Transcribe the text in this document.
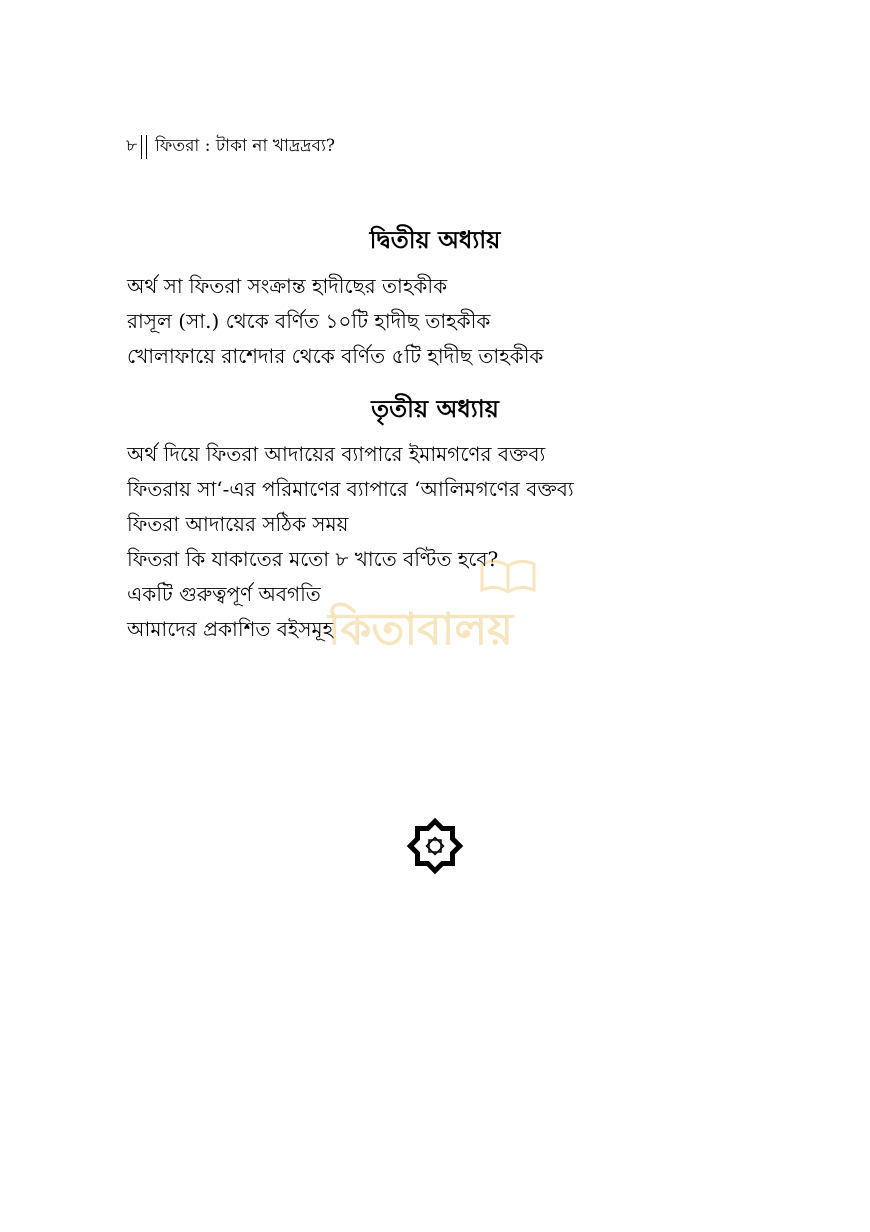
৮ ফিতরা : টাকা না খাদ্রদ্রব্য?
দ্বিতীয় অধ্যায়
অর্থ সা ফিতরা সংক্রান্ত হাদীছের তাহকীক
রাসূল (সা.) থেকে বর্ণিত ১০টি হাদীছ তাহকীক
খোলাফায়ে রাশেদার থেকে বর্ণিত ৫টি হাদীছ তাহকীক
তৃতীয় অধ্যায়
অর্থ দিয়ে ফিতরা আদায়ের ব্যাপারে ইমামগণের বক্তব্য
ফিতরায় সা‘-এর পরিমাণের ব্যাপারে ‘আলিমগণের বক্তব্য
ফিতরা আদায়ের সঠিক সময়
ফিতরা কি যাকাতের মতো ৮ খাতে বণ্টিত হবে?
একটি গুরুত্বপূর্ণ অবগতি
আমাদের প্রকাশিত বইসমূহ
কিতাবালয়
